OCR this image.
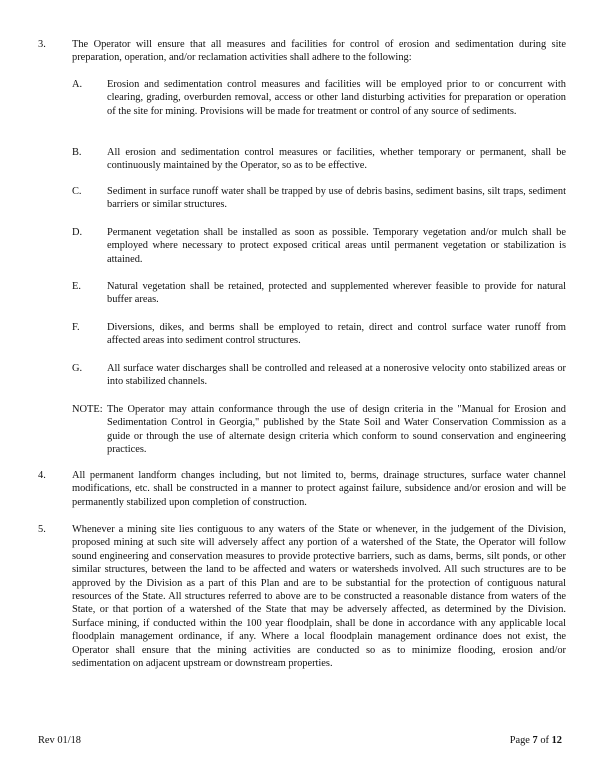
3.	The Operator will ensure that all measures and facilities for control of erosion and sedimentation during site preparation, operation, and/or reclamation activities shall adhere to the following:
A. Erosion and sedimentation control measures and facilities will be employed prior to or concurrent with clearing, grading, overburden removal, access or other land disturbing activities for preparation or operation of the site for mining. Provisions will be made for treatment or control of any source of sediments.
B. All erosion and sedimentation control measures or facilities, whether temporary or permanent, shall be continuously maintained by the Operator, so as to be effective.
C. Sediment in surface runoff water shall be trapped by use of debris basins, sediment basins, silt traps, sediment barriers or similar structures.
D. Permanent vegetation shall be installed as soon as possible. Temporary vegetation and/or mulch shall be employed where necessary to protect exposed critical areas until permanent vegetation or stabilization is attained.
E.	Natural vegetation shall be retained, protected and supplemented wherever feasible to provide for natural buffer areas.
F.	Diversions, dikes, and berms shall be employed to retain, direct and control surface water runoff from affected areas into sediment control structures.
G. All surface water discharges shall be controlled and released at a nonerosive velocity onto stabilized areas or into stabilized channels.
NOTE: The Operator may attain conformance through the use of design criteria in the "Manual for Erosion and Sedimentation Control in Georgia," published by the State Soil and Water Conservation Commission as a guide or through the use of alternate design criteria which conform to sound conservation and engineering practices.
4.	All permanent landform changes including, but not limited to, berms, drainage structures, surface water channel modifications, etc. shall be constructed in a manner to protect against failure, subsidence and/or erosion and will be permanently stabilized upon completion of construction.
5.	Whenever a mining site lies contiguous to any waters of the State or whenever, in the judgement of the Division, proposed mining at such site will adversely affect any portion of a watershed of the State, the Operator will follow sound engineering and conservation measures to provide protective barriers, such as dams, berms, silt ponds, or other similar structures, between the land to be affected and waters or watersheds involved. All such structures are to be approved by the Division as a part of this Plan and are to be substantial for the protection of contiguous natural resources of the State. All structures referred to above are to be constructed a reasonable distance from waters of the State, or that portion of a watershed of the State that may be adversely affected, as determined by the Division. Surface mining, if conducted within the 100 year floodplain, shall be done in accordance with any applicable local floodplain management ordinance, if any. Where a local floodplain management ordinance does not exist, the Operator shall ensure that the mining activities are conducted so as to minimize flooding, erosion and/or sedimentation on adjacent upstream or downstream properties.
Rev 01/18	Page 7 of 12
